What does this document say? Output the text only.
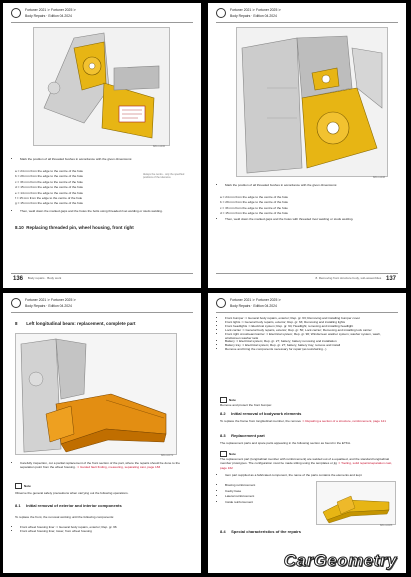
Fortuner 2021 ≻ Fortuner 2025 ≻
Body Repairs · Edition 04.2024
B80-11036
• Mark the position of all threaded bushes in accordance with the given dimensions:
a = 24 mm from the edge to the centre of the hole
b = 29 mm from the edge to the centre of the hole
c = 33 mm from the edge to the centre of the hole
d = 15 mm from the edge to the centre of the hole
e = 14 mm from the edge to the centre of the hole
f = 15 mm from the edge to the centre of the hole
g = 15 mm from the edge to the centre of the hole
Always the centre - only the specified positions of the tolerance
• Then, weld down the marked gaps and the holes the bolts using threaded rivet welding or studs welding.
8.10 Replacing threaded pin, wheel housing, front right
136 Body repairs · Body work
Fortuner 2021 ≻ Fortuner 2025 ≻
Body Repairs · Edition 04.2024
B80-11038
• Mark the position of all threaded bushes in accordance with the given dimensions:
a = 24 mm from the edge to the centre of the hole
b = 29 mm from the edge to the centre of the hole
c = 33 mm from the edge to the centre of the hole
d = 15 mm from the edge to the centre of the hole
• Then, weld down the marked gaps and the holes with threaded rivet welding or studs welding.
8. Removing front structure body, sub-assemblies 137
Fortuner 2021 ≻ Fortuner 2025 ≻
Body Repairs · Edition 04.2024
8 Left longitudinal beam: replacement, complete part
B80-10972
• Carefully inspection, cut a partial replacement of the front section of the part, where the repairs should be done to the separation point from the wheel housing. ⇒ Guided fault finding, measuring, separating cast, page 183
Note
Observe the general safety precautions when carrying out the following operations.
8.1 Initial removal of exterior and interior components
To replace the front, the removal working until the following components:
• Front wheel housing liner ⇒ General body repairs, exterior; Rep. gr. 66
• Front wheel housing liner, lower, from wheel housing
Fortuner 2021 ≻ Fortuner 2025 ≻
Body Repairs · Edition 04.2024
• Front bumper ⇒ General body repairs, exterior; Rep. gr. 63; Removing and installing bumper cover
• Front lights ⇒ General body repairs, exterior; Rep. gr. 63; Removing and installing lights
• Front headlights ⇒ Electrical system; Rep. gr. 94; Headlight; removing and installing headlight
• Lock carrier ⇒ General body repairs, exterior; Rep. gr. 50; Lock carrier; Removing and installing lock carrier
• Front right crossbeam/carrier ⇒ Electrical system; Rep. gr. 90; Windscreen washer system; washer system, wash, windscreen washer tank
• Battery ⇒ Electrical system; Rep. gr. 27; battery; battery removing and installation
• Battery tray ⇒ Electrical system; Rep. gr. 27; battery, battery tray; remove and install
• Remove and bring the components necessary for repair (as tools/wiring...)
Note
Remove and protect the front bumper.
8.2 Initial removal of bodywork elements
To replace the frame from longitudinal member, the remove ⇒ Repairing a section of a structure, reinforcement, page 121
8.3 Replacement part
The replacement parts and spare parts appearing in the following section as found in the ETKA.
Note
The replacement part (longitudinal member with reinforcement) are welded out of a equalised, and the standard longitudinal member prototypes. The configuration must be made sitting using the templates or jig ⇒ Tooling, solid repairs/separation cast, page 162
• Item part supplied as a fabricated component, the name of the parts contains the elements and kept
• Bracing reinforcement
• Cavity base
• Lateral reinforcement
• Inside reinforcement
B80-10985
8.4 Special characteristics of the repairs
CarGeometry
